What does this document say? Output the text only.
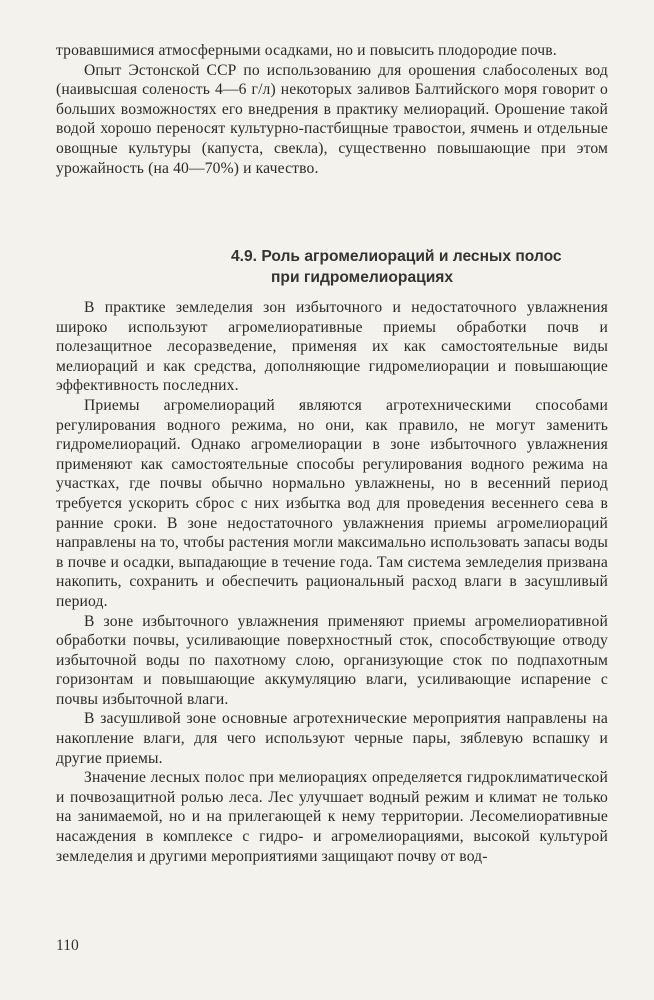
тровавшимися атмосферными осадками, но и повысить плодородие почв.

Опыт Эстонской ССР по использованию для орошения слабосоленых вод (наивысшая соленость 4—6 г/л) некоторых заливов Балтийского моря говорит о больших возможностях его внедрения в практику мелиораций. Орошение такой водой хорошо переносят культурно-пастбищные травостои, ячмень и отдельные овощные культуры (капуста, свекла), существенно повышающие при этом урожайность (на 40—70%) и качество.

4.9. Роль агромелиораций и лесных полос
при гидромелиорациях

В практике земледелия зон избыточного и недостаточного увлажнения широко используют агромелиоративные приемы обработки почв и полезащитное лесоразведение, применяя их как самостоятельные виды мелиораций и как средства, дополняющие гидромелиорации и повышающие эффективность последних.

Приемы агромелиораций являются агротехническими способами регулирования водного режима, но они, как правило, не могут заменить гидромелиораций. Однако агромелиорации в зоне избыточного увлажнения применяют как самостоятельные способы регулирования водного режима на участках, где почвы обычно нормально увлажнены, но в весенний период требуется ускорить сброс с них избытка вод для проведения весеннего сева в ранние сроки. В зоне недостаточного увлажнения приемы агромелиораций направлены на то, чтобы растения могли максимально использовать запасы воды в почве и осадки, выпадающие в течение года. Там система земледелия призвана накопить, сохранить и обеспечить рациональный расход влаги в засушливый период.

В зоне избыточного увлажнения применяют приемы агромелиоративной обработки почвы, усиливающие поверхностный сток, способствующие отводу избыточной воды по пахотному слою, организующие сток по подпахотным горизонтам и повышающие аккумуляцию влаги, усиливающие испарение с почвы избыточной влаги.

В засушливой зоне основные агротехнические мероприятия направлены на накопление влаги, для чего используют черные пары, зяблевую вспашку и другие приемы.

Значение лесных полос при мелиорациях определяется гидроклиматической и почвозащитной ролью леса. Лес улучшает водный режим и климат не только на занимаемой, но и на прилегающей к нему территории. Лесомелиоративные насаждения в комплексе с гидро- и агромелиорациями, высокой культурой земледелия и другими мероприятиями защищают почву от вод-

110
